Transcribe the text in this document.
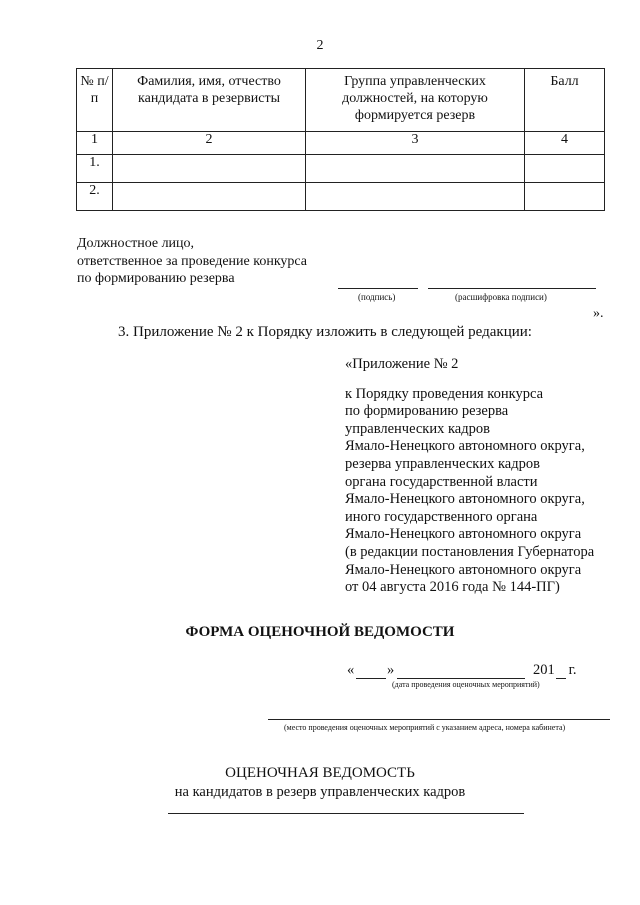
2
№ п/п	Фамилия, имя, отчество кандидата в резервисты	Группа управленческих должностей, на которую формируется резерв	Балл
1	2	3	4
1.			
2.			
Должностное лицо,
ответственное за проведение конкурса
по формированию резерва
(подпись)	(расшифровка подписи)
».
3. Приложение № 2 к Порядку изложить в следующей редакции:
«Приложение № 2
к Порядку проведения конкурса
по формированию резерва
управленческих кадров
Ямало-Ненецкого автономного округа,
резерва управленческих кадров
органа государственной власти
Ямало-Ненецкого автономного округа,
иного государственного органа
Ямало-Ненецкого автономного округа
(в редакции постановления Губернатора
Ямало-Ненецкого автономного округа
от 04 августа 2016 года № 144-ПГ)
ФОРМА ОЦЕНОЧНОЙ ВЕДОМОСТИ
« »	201 г.
(дата проведения оценочных мероприятий)
(место проведения оценочных мероприятий с указанием адреса, номера кабинета)
ОЦЕНОЧНАЯ ВЕДОМОСТЬ
на кандидатов в резерв управленческих кадров
